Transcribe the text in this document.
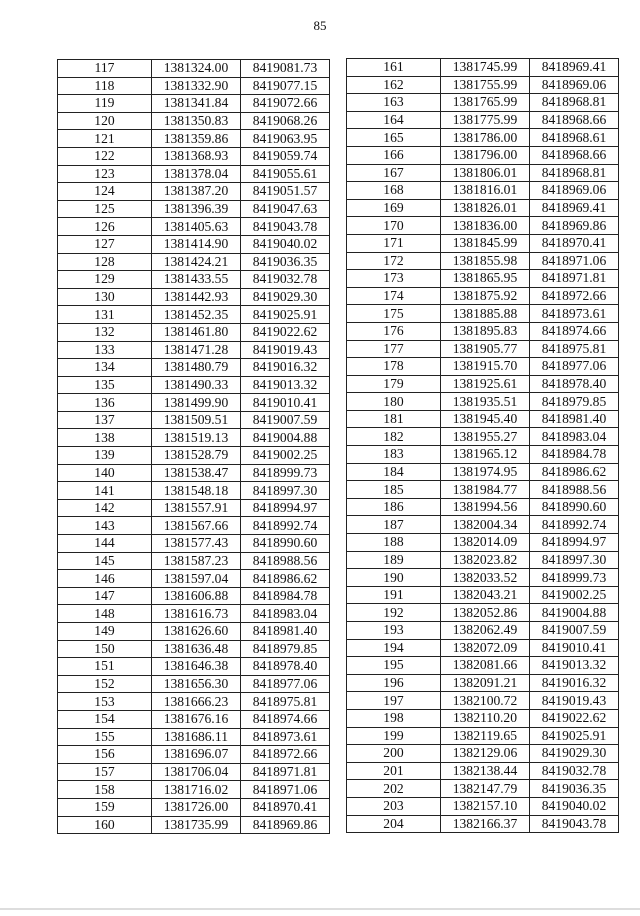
85
117	1381324.00	8419081.73
118	1381332.90	8419077.15
119	1381341.84	8419072.66
120	1381350.83	8419068.26
121	1381359.86	8419063.95
122	1381368.93	8419059.74
123	1381378.04	8419055.61
124	1381387.20	8419051.57
125	1381396.39	8419047.63
126	1381405.63	8419043.78
127	1381414.90	8419040.02
128	1381424.21	8419036.35
129	1381433.55	8419032.78
130	1381442.93	8419029.30
131	1381452.35	8419025.91
132	1381461.80	8419022.62
133	1381471.28	8419019.43
134	1381480.79	8419016.32
135	1381490.33	8419013.32
136	1381499.90	8419010.41
137	1381509.51	8419007.59
138	1381519.13	8419004.88
139	1381528.79	8419002.25
140	1381538.47	8418999.73
141	1381548.18	8418997.30
142	1381557.91	8418994.97
143	1381567.66	8418992.74
144	1381577.43	8418990.60
145	1381587.23	8418988.56
146	1381597.04	8418986.62
147	1381606.88	8418984.78
148	1381616.73	8418983.04
149	1381626.60	8418981.40
150	1381636.48	8418979.85
151	1381646.38	8418978.40
152	1381656.30	8418977.06
153	1381666.23	8418975.81
154	1381676.16	8418974.66
155	1381686.11	8418973.61
156	1381696.07	8418972.66
157	1381706.04	8418971.81
158	1381716.02	8418971.06
159	1381726.00	8418970.41
160	1381735.99	8418969.86
161	1381745.99	8418969.41
162	1381755.99	8418969.06
163	1381765.99	8418968.81
164	1381775.99	8418968.66
165	1381786.00	8418968.61
166	1381796.00	8418968.66
167	1381806.01	8418968.81
168	1381816.01	8418969.06
169	1381826.01	8418969.41
170	1381836.00	8418969.86
171	1381845.99	8418970.41
172	1381855.98	8418971.06
173	1381865.95	8418971.81
174	1381875.92	8418972.66
175	1381885.88	8418973.61
176	1381895.83	8418974.66
177	1381905.77	8418975.81
178	1381915.70	8418977.06
179	1381925.61	8418978.40
180	1381935.51	8418979.85
181	1381945.40	8418981.40
182	1381955.27	8418983.04
183	1381965.12	8418984.78
184	1381974.95	8418986.62
185	1381984.77	8418988.56
186	1381994.56	8418990.60
187	1382004.34	8418992.74
188	1382014.09	8418994.97
189	1382023.82	8418997.30
190	1382033.52	8418999.73
191	1382043.21	8419002.25
192	1382052.86	8419004.88
193	1382062.49	8419007.59
194	1382072.09	8419010.41
195	1382081.66	8419013.32
196	1382091.21	8419016.32
197	1382100.72	8419019.43
198	1382110.20	8419022.62
199	1382119.65	8419025.91
200	1382129.06	8419029.30
201	1382138.44	8419032.78
202	1382147.79	8419036.35
203	1382157.10	8419040.02
204	1382166.37	8419043.78
